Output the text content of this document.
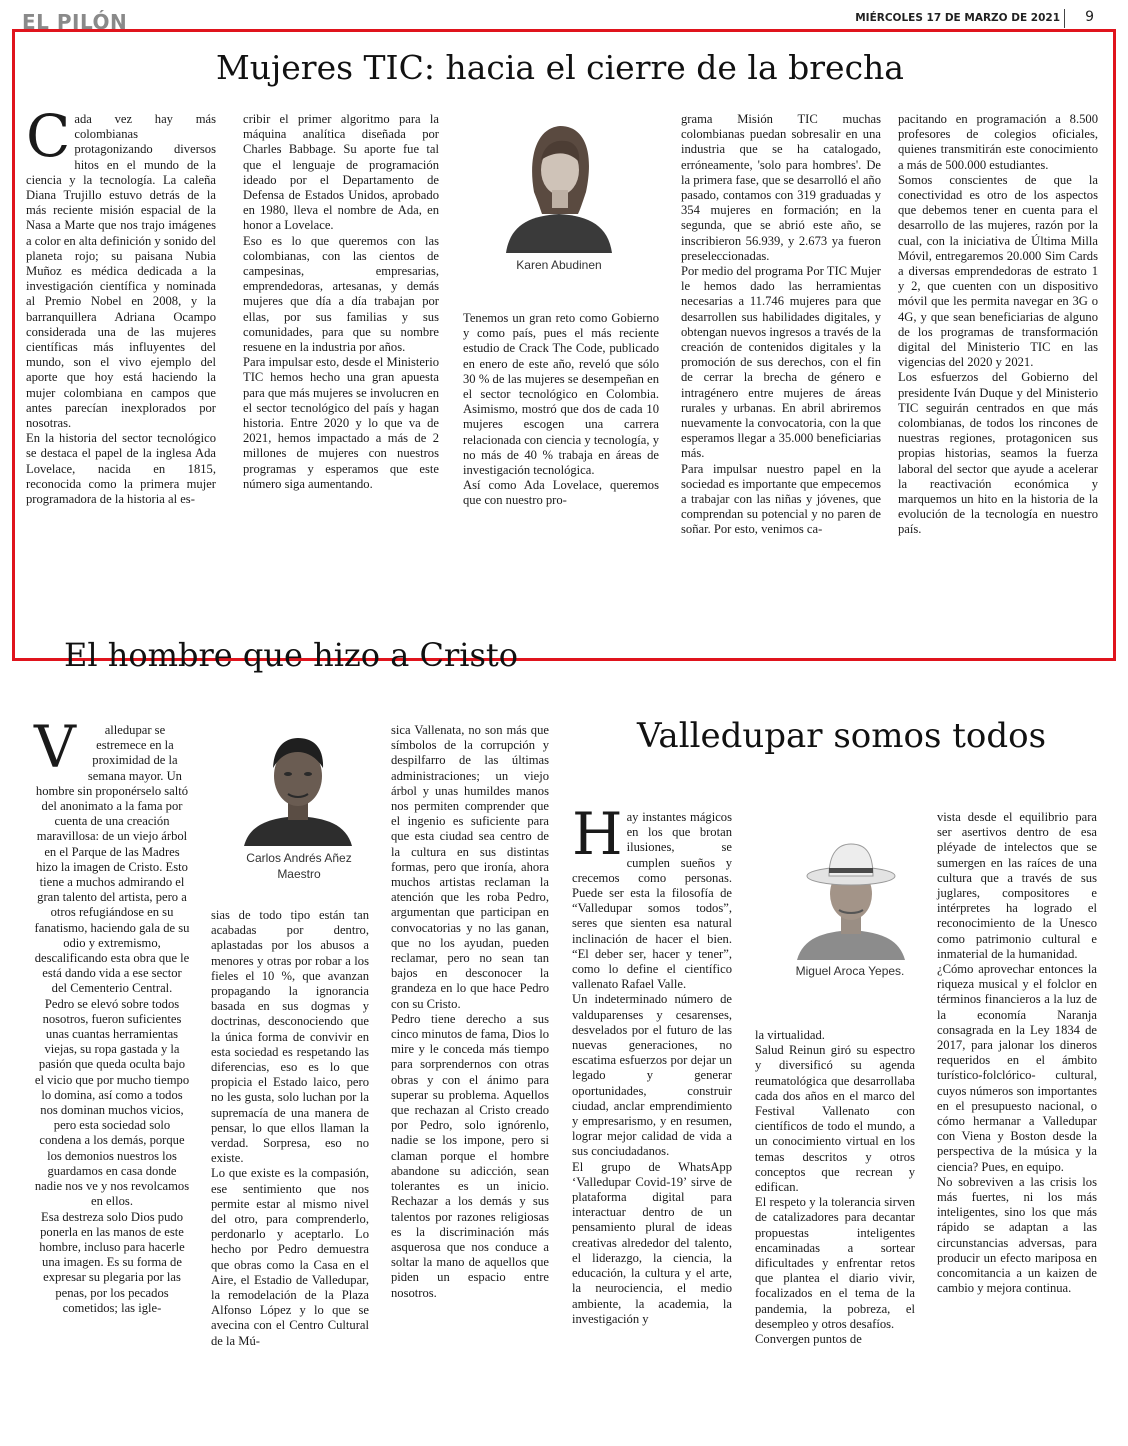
EL PILÓN	MIÉRCOLES 17 DE MARZO DE 2021 9
Mujeres TIC: hacia el cierre de la brecha

Cada vez hay más colombianas protagonizando diversos hitos en el mundo de la ciencia y la tecnología. La caleña Diana Trujillo estuvo detrás de la más reciente misión espacial de la Nasa a Marte que nos trajo imágenes a color en alta definición y sonido del planeta rojo; su paisana Nubia Muñoz es médica dedicada a la investigación científica y nominada al Premio Nobel en 2008, y la barranquillera Adriana Ocampo considerada una de las mujeres científicas más influyentes del mundo, son el vivo ejemplo del aporte que hoy está haciendo la mujer colombiana en campos que antes parecían inexplorados por nosotras.

En la historia del sector tecnológico se destaca el papel de la inglesa Ada Lovelace, nacida en 1815, reconocida como la primera mujer programadora de la historia al es-

cribir el primer algoritmo para la máquina analítica diseñada por Charles Babbage. Su aporte fue tal que el lenguaje de programación ideado por el Departamento de Defensa de Estados Unidos, aprobado en 1980, lleva el nombre de Ada, en honor a Lovelace.

Eso es lo que queremos con las colombianas, con las cientos de campesinas, empresarias, emprendedoras, artesanas, y demás mujeres que día a día trabajan por ellas, por sus familias y sus comunidades, para que su nombre resuene en la industria por años.

Para impulsar esto, desde el Ministerio TIC hemos hecho una gran apuesta para que más mujeres se involucren en el sector tecnológico del país y hagan historia. Entre 2020 y lo que va de 2021, hemos impactado a más de 2 millones de mujeres con nuestros programas y esperamos que este número siga aumentando.

Karen Abudinen

Tenemos un gran reto como Gobierno y como país, pues el más reciente estudio de Crack The Code, publicado en enero de este año, reveló que sólo 30 % de las mujeres se desempeñan en el sector tecnológico en Colombia. Asimismo, mostró que dos de cada 10 mujeres escogen una carrera relacionada con ciencia y tecnología, y no más de 40 % trabaja en áreas de investigación tecnológica.

Así como Ada Lovelace, queremos que con nuestro pro-

grama Misión TIC muchas colombianas puedan sobresalir en una industria que se ha catalogado, erróneamente, 'solo para hombres'. De la primera fase, que se desarrolló el año pasado, contamos con 319 graduadas y 354 mujeres en formación; en la segunda, que se abrió este año, se inscribieron 56.939, y 2.673 ya fueron preseleccionadas.

Por medio del programa Por TIC Mujer le hemos dado las herramientas necesarias a 11.746 mujeres para que desarrollen sus habilidades digitales, y obtengan nuevos ingresos a través de la creación de contenidos digitales y la promoción de sus derechos, con el fin de cerrar la brecha de género e intragénero entre mujeres de áreas rurales y urbanas. En abril abriremos nuevamente la convocatoria, con la que esperamos llegar a 35.000 beneficiarias más.

Para impulsar nuestro papel en la sociedad es importante que empecemos a trabajar con las niñas y jóvenes, que comprendan su potencial y no paren de soñar. Por esto, venimos ca-

pacitando en programación a 8.500 profesores de colegios oficiales, quienes transmitirán este conocimiento a más de 500.000 estudiantes.

Somos conscientes de que la conectividad es otro de los aspectos que debemos tener en cuenta para el desarrollo de las mujeres, razón por la cual, con la iniciativa de Última Milla Móvil, entregaremos 20.000 Sim Cards a diversas emprendedoras de estrato 1 y 2, que cuenten con un dispositivo móvil que les permita navegar en 3G o 4G, y que sean beneficiarias de alguno de los programas de transformación digital del Ministerio TIC en las vigencias del 2020 y 2021.

Los esfuerzos del Gobierno del presidente Iván Duque y del Ministerio TIC seguirán centrados en que más colombianas, de todos los rincones de nuestras regiones, protagonicen sus propias historias, seamos la fuerza laboral del sector que ayude a acelerar la reactivación económica y marquemos un hito en la historia de la evolución de la tecnología en nuestro país.

El hombre que hizo a Cristo

V alledupar se estremece en la proximidad de la semana mayor. Un hombre sin proponérselo saltó del anonimato a la fama por cuenta de una creación maravillosa: de un viejo árbol en el Parque de las Madres hizo la imagen de Cristo. Esto tiene a muchos admirando el gran talento del artista, pero a otros refugiándose en su fanatismo, haciendo gala de su odio y extremismo, descalificando esta obra que le está dando vida a ese sector del Cementerio Central.

Pedro se elevó sobre todos nosotros, fueron suficientes unas cuantas herramientas viejas, su ropa gastada y la pasión que queda oculta bajo el vicio que por mucho tiempo lo domina, así como a todos nos dominan muchos vicios, pero esta sociedad solo condena a los demás, porque los demonios nuestros los guardamos en casa donde nadie nos ve y nos revolcamos en ellos.

Esa destreza solo Dios pudo ponerla en las manos de este hombre, incluso para hacerle una imagen. Es su forma de expresar su plegaria por las penas, por los pecados cometidos; las igle-

Carlos Andrés Añez
Maestro

sias de todo tipo están tan acabadas por dentro, aplastadas por los abusos a menores y otras por robar a los fieles el 10 %, que avanzan propagando la ignorancia basada en sus dogmas y doctrinas, desconociendo que la única forma de convivir en esta sociedad es respetando las diferencias, eso es lo que propicia el Estado laico, pero no les gusta, solo luchan por la supremacía de una manera de pensar, lo que ellos llaman la verdad. Sorpresa, eso no existe.

Lo que existe es la compasión, ese sentimiento que nos permite estar al mismo nivel del otro, para comprenderlo, perdonarlo y aceptarlo. Lo hecho por Pedro demuestra que obras como la Casa en el Aire, el Estadio de Valledupar, la remodelación de la Plaza Alfonso López y lo que se avecina con el Centro Cultural de la Mú-

sica Vallenata, no son más que símbolos de la corrupción y despilfarro de las últimas administraciones; un viejo árbol y unas humildes manos nos permiten comprender que el ingenio es suficiente para que esta ciudad sea centro de la cultura en sus distintas formas, pero que ironía, ahora muchos artistas reclaman la atención que les roba Pedro, argumentan que participan en convocatorias y no las ganan, que no los ayudan, pueden reclamar, pero no sean tan bajos en desconocer la grandeza en lo que hace Pedro con su Cristo.

Pedro tiene derecho a sus cinco minutos de fama, Dios lo mire y le conceda más tiempo para sorprendernos con otras obras y con el ánimo para superar su problema. Aquellos que rechazan al Cristo creado por Pedro, solo ignórenlo, nadie se los impone, pero si claman porque el hombre abandone su adicción, sean tolerantes es un inicio. Rechazar a los demás y sus talentos por razones religiosas es la discriminación más asquerosa que nos conduce a soltar la mano de aquellos que piden un espacio entre nosotros.

Valledupar somos todos

Hay instantes mágicos en los que brotan ilusiones, se cumplen sueños y crecemos como personas. Puede ser esta la filosofía de “Valledupar somos todos”, seres que sienten esa natural inclinación de hacer el bien. “El deber ser, hacer y tener”, como lo define el científico vallenato Rafael Valle.

Un indeterminado número de valduparenses y cesarenses, desvelados por el futuro de las nuevas generaciones, no escatima esfuerzos por dejar un legado y generar oportunidades, construir ciudad, anclar emprendimiento y empresarismo, y en resumen, lograr mejor calidad de vida a sus conciudadanos.

El grupo de WhatsApp ‘Valledupar Covid-19’ sirve de plataforma digital para interactuar dentro de un pensamiento plural de ideas creativas alrededor del talento, el liderazgo, la ciencia, la educación, la cultura y el arte, la neurociencia, el medio ambiente, la academia, la investigación y

Miguel Aroca Yepes.

la virtualidad.

Salud Reinun giró su espectro y diversificó su agenda reumatológica que desarrollaba cada dos años en el marco del Festival Vallenato con científicos de todo el mundo, a un conocimiento virtual en los temas descritos y otros conceptos que recrean y edifican.

El respeto y la tolerancia sirven de catalizadores para decantar propuestas inteligentes encaminadas a sortear dificultades y enfrentar retos que plantea el diario vivir, focalizados en el tema de la pandemia, la pobreza, el desempleo y otros desafíos.

Convergen puntos de

vista desde el equilibrio para ser asertivos dentro de esa pléyade de intelectos que se sumergen en las raíces de una cultura que a través de sus juglares, compositores e intérpretes ha logrado el reconocimiento de la Unesco como patrimonio cultural e inmaterial de la humanidad.

¿Cómo aprovechar entonces la riqueza musical y el folclor en términos financieros a la luz de la economía Naranja consagrada en la Ley 1834 de 2017, para jalonar los dineros requeridos en el ámbito turístico-folclórico- cultural, cuyos números son importantes en el presupuesto nacional, o cómo hermanar a Valledupar con Viena y Boston desde la perspectiva de la música y la ciencia? Pues, en equipo.

No sobreviven a las crisis los más fuertes, ni los más inteligentes, sino los que más rápido se adaptan a las circunstancias adversas, para producir un efecto mariposa en concomitancia a un kaizen de cambio y mejora continua.
